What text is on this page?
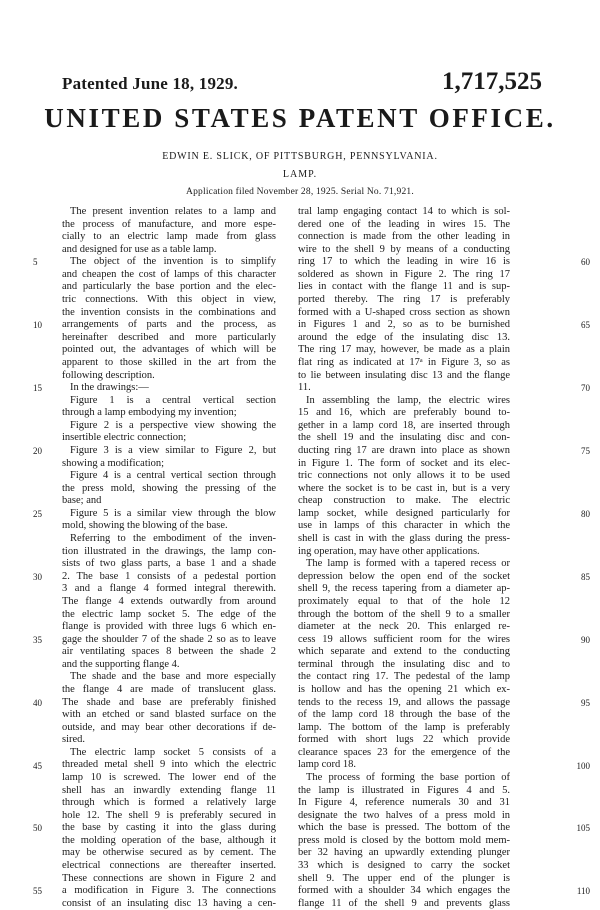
Patented June 18, 1929.	1,717,525
UNITED STATES PATENT OFFICE.
EDWIN E. SLICK, OF PITTSBURGH, PENNSYLVANIA.
LAMP.
Application filed November 28, 1925. Serial No. 71,921.
The present invention relates to a lamp and
the process of manufacture, and more espe-
cially to an electric lamp made from glass
and designed for use as a table lamp.
The object of the invention is to simplify
and cheapen the cost of lamps of this character
and particularly the base portion and the elec-
tric connections. With this object in view,
the invention consists in the combinations and
arrangements of parts and the process, as
hereinafter described and more particularly
pointed out, the advantages of which will be
apparent to those skilled in the art from the
following description.
In the drawings:—
Figure 1 is a central vertical section
through a lamp embodying my invention;
Figure 2 is a perspective view showing the
insertible electric connection;
Figure 3 is a view similar to Figure 2, but
showing a modification;
Figure 4 is a central vertical section through
the press mold, showing the pressing of the
base; and
Figure 5 is a similar view through the blow
mold, showing the blowing of the base.
Referring to the embodiment of the inven-
tion illustrated in the drawings, the lamp con-
sists of two glass parts, a base 1 and a shade
2. The base 1 consists of a pedestal portion
3 and a flange 4 formed integral therewith.
The flange 4 extends outwardly from around
the electric lamp socket 5. The edge of the
flange is provided with three lugs 6 which en-
gage the shoulder 7 of the shade 2 so as to leave
air ventilating spaces 8 between the shade 2
and the supporting flange 4.
The shade and the base and more especially
the flange 4 are made of translucent glass.
The shade and base are preferably finished
with an etched or sand blasted surface on the
outside, and may bear other decorations if de-
sired.
The electric lamp socket 5 consists of a
threaded metal shell 9 into which the electric
lamp 10 is screwed. The lower end of the
shell has an inwardly extending flange 11
through which is formed a relatively large
hole 12. The shell 9 is preferably secured in
the base by casting it into the glass during
the molding operation of the base, although it
may be otherwise secured as by cement. The
electrical connections are thereafter inserted.
These connections are shown in Figure 2 and
a modification in Figure 3. The connections
consist of an insulating disc 13 having a cen-
tral lamp engaging contact 14 to which is sol-
dered one of the leading in wires 15. The
connection is made from the other leading in
wire to the shell 9 by means of a conducting
ring 17 to which the leading in wire 16 is
soldered as shown in Figure 2. The ring 17
lies in contact with the flange 11 and is sup-
ported thereby. The ring 17 is preferably
formed with a U-shaped cross section as shown
in Figures 1 and 2, so as to be burnished
around the edge of the insulating disc 13.
The ring 17 may, however, be made as a plain
flat ring as indicated at 17ᵃ in Figure 3, so as
to lie between insulating disc 13 and the flange
11.
In assembling the lamp, the electric wires
15 and 16, which are preferably bound to-
gether in a lamp cord 18, are inserted through
the shell 19 and the insulating disc and con-
ducting ring 17 are drawn into place as shown
in Figure 1. The form of socket and its elec-
tric connections not only allows it to be used
where the socket is to be cast in, but is a very
cheap construction to make. The electric
lamp socket, while designed particularly for
use in lamps of this character in which the
shell is cast in with the glass during the press-
ing operation, may have other applications.
The lamp is formed with a tapered recess or
depression below the open end of the socket
shell 9, the recess tapering from a diameter ap-
proximately equal to that of the hole 12
through the bottom of the shell 9 to a smaller
diameter at the neck 20. This enlarged re-
cess 19 allows sufficient room for the wires
which separate and extend to the conducting
terminal through the insulating disc and to
the contact ring 17. The pedestal of the lamp
is hollow and has the opening 21 which ex-
tends to the recess 19, and allows the passage
of the lamp cord 18 through the base of the
lamp. The bottom of the lamp is preferably
formed with short lugs 22 which provide
clearance spaces 23 for the emergence of the
lamp cord 18.
The process of forming the base portion of
the lamp is illustrated in Figures 4 and 5.
In Figure 4, reference numerals 30 and 31
designate the two halves of a press mold in
which the base is pressed. The bottom of the
press mold is closed by the bottom mold mem-
ber 32 having an upwardly extending plunger
33 which is designed to carry the socket
shell 9. The upper end of the plunger is
formed with a shoulder 34 which engages the
flange 11 of the shell 9 and prevents glass
5
10
15
20
25
30
35
40
45
50
55
60
65
70
75
80
85
90
95
100
105
110
